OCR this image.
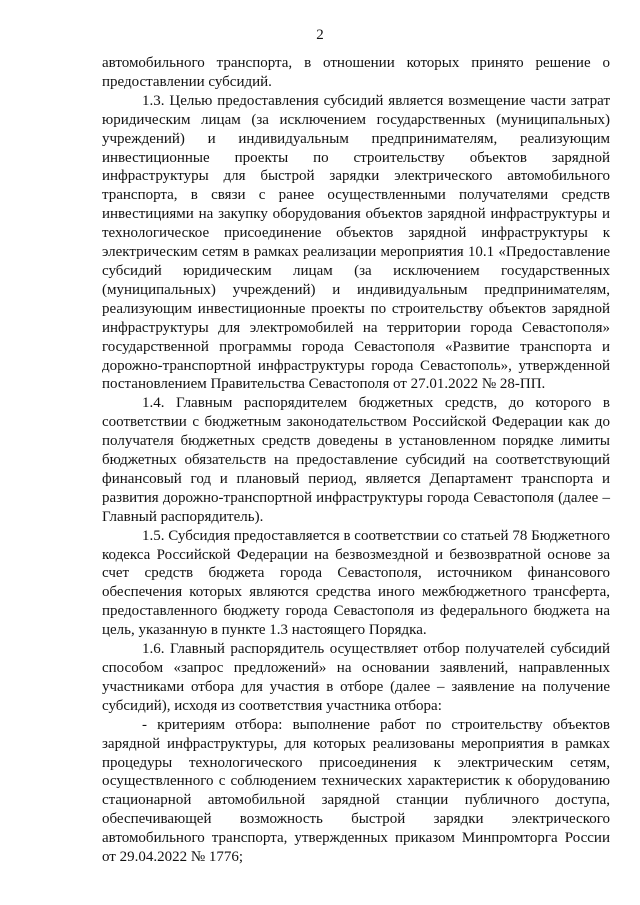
2

автомобильного транспорта, в отношении которых принято решение о предоставлении субсидий.

1.3. Целью предоставления субсидий является возмещение части затрат юридическим лицам (за исключением государственных (муниципальных) учреждений) и индивидуальным предпринимателям, реализующим инвестиционные проекты по строительству объектов зарядной инфраструктуры для быстрой зарядки электрического автомобильного транспорта, в связи с ранее осуществленными получателями средств инвестициями на закупку оборудования объектов зарядной инфраструктуры и технологическое присоединение объектов зарядной инфраструктуры к электрическим сетям в рамках реализации мероприятия 10.1 «Предоставление субсидий юридическим лицам (за исключением государственных (муниципальных) учреждений) и индивидуальным предпринимателям, реализующим инвестиционные проекты по строительству объектов зарядной инфраструктуры для электромобилей на территории города Севастополя» государственной программы города Севастополя «Развитие транспорта и дорожно-транспортной инфраструктуры города Севастополь», утвержденной постановлением Правительства Севастополя от 27.01.2022 № 28-ПП.

1.4. Главным распорядителем бюджетных средств, до которого в соответствии с бюджетным законодательством Российской Федерации как до получателя бюджетных средств доведены в установленном порядке лимиты бюджетных обязательств на предоставление субсидий на соответствующий финансовый год и плановый период, является Департамент транспорта и развития дорожно-транспортной инфраструктуры города Севастополя (далее – Главный распорядитель).

1.5. Субсидия предоставляется в соответствии со статьей 78 Бюджетного кодекса Российской Федерации на безвозмездной и безвозвратной основе за счет средств бюджета города Севастополя, источником финансового обеспечения которых являются средства иного межбюджетного трансферта, предоставленного бюджету города Севастополя из федерального бюджета на цель, указанную в пункте 1.3 настоящего Порядка.

1.6. Главный распорядитель осуществляет отбор получателей субсидий способом «запрос предложений» на основании заявлений, направленных участниками отбора для участия в отборе (далее – заявление на получение субсидий), исходя из соответствия участника отбора:

- критериям отбора: выполнение работ по строительству объектов зарядной инфраструктуры, для которых реализованы мероприятия в рамках процедуры технологического присоединения к электрическим сетям, осуществленного с соблюдением технических характеристик к оборудованию стационарной автомобильной зарядной станции публичного доступа, обеспечивающей возможность быстрой зарядки электрического автомобильного транспорта, утвержденных приказом Минпромторга России от 29.04.2022 № 1776;
